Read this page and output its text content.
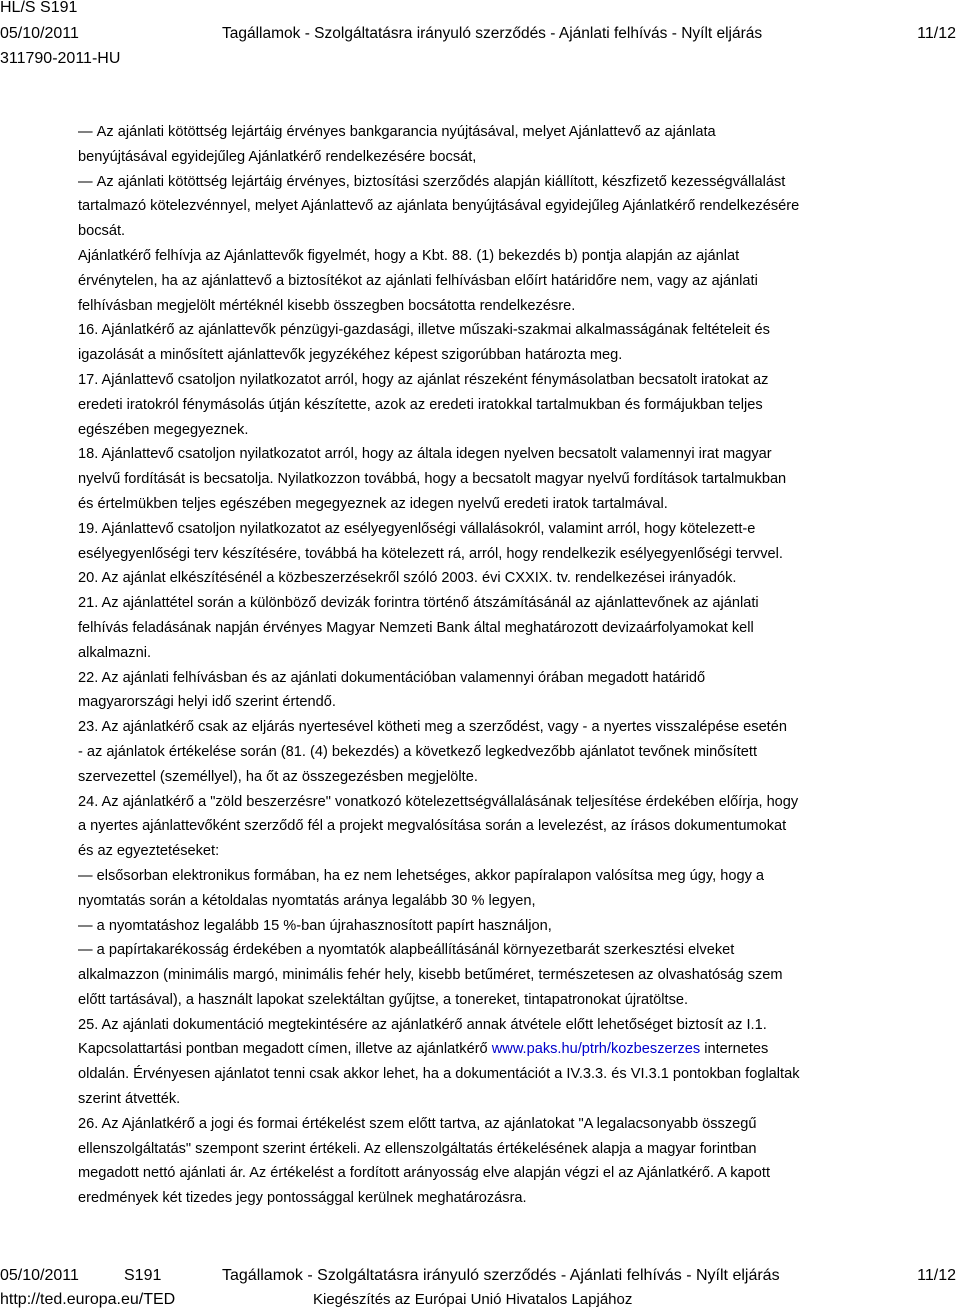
HL/S S191
05/10/2011	Tagállamok - Szolgáltatásra irányuló szerződés - Ajánlati felhívás - Nyílt eljárás	11/12
311790-2011-HU

— Az ajánlati kötöttség lejártáig érvényes bankgarancia nyújtásával, melyet Ajánlattevő az ajánlata

benyújtásával egyidejűleg Ajánlatkérő rendelkezésére bocsát,

— Az ajánlati kötöttség lejártáig érvényes, biztosítási szerződés alapján kiállított, készfizető kezességvállalást

tartalmazó kötelezvénnyel, melyet Ajánlattevő az ajánlata benyújtásával egyidejűleg Ajánlatkérő rendelkezésére

bocsát.

Ajánlatkérő felhívja az Ajánlattevők figyelmét, hogy a Kbt. 88. (1) bekezdés b) pontja alapján az ajánlat

érvénytelen, ha az ajánlattevő a biztosítékot az ajánlati felhívásban előírt határidőre nem, vagy az ajánlati

felhívásban megjelölt mértéknél kisebb összegben bocsátotta rendelkezésre.

16. Ajánlatkérő az ajánlattevők pénzügyi-gazdasági, illetve műszaki-szakmai alkalmasságának feltételeit és

igazolását a minősített ajánlattevők jegyzékéhez képest szigorúbban határozta meg.

17. Ajánlattevő csatoljon nyilatkozatot arról, hogy az ajánlat részeként fénymásolatban becsatolt iratokat az

eredeti iratokról fénymásolás útján készítette, azok az eredeti iratokkal tartalmukban és formájukban teljes

egészében megegyeznek.

18. Ajánlattevő csatoljon nyilatkozatot arról, hogy az általa idegen nyelven becsatolt valamennyi irat magyar

nyelvű fordítását is becsatolja. Nyilatkozzon továbbá, hogy a becsatolt magyar nyelvű fordítások tartalmukban

és értelmükben teljes egészében megegyeznek az idegen nyelvű eredeti iratok tartalmával.

19. Ajánlattevő csatoljon nyilatkozatot az esélyegyenlőségi vállalásokról, valamint arról, hogy kötelezett-e

esélyegyenlőségi terv készítésére, továbbá ha kötelezett rá, arról, hogy rendelkezik esélyegyenlőségi tervvel.

20. Az ajánlat elkészítésénél a közbeszerzésekről szóló 2003. évi CXXIX. tv. rendelkezései irányadók.

21. Az ajánlattétel során a különböző devizák forintra történő átszámításánál az ajánlattevőnek az ajánlati

felhívás feladásának napján érvényes Magyar Nemzeti Bank által meghatározott devizaárfolyamokat kell

alkalmazni.

22. Az ajánlati felhívásban és az ajánlati dokumentációban valamennyi órában megadott határidő

magyarországi helyi idő szerint értendő.

23. Az ajánlatkérő csak az eljárás nyertesével kötheti meg a szerződést, vagy - a nyertes visszalépése esetén

- az ajánlatok értékelése során (81. (4) bekezdés) a következő legkedvezőbb ajánlatot tevőnek minősített

szervezettel (személlyel), ha őt az összegezésben megjelölte.

24. Az ajánlatkérő a "zöld beszerzésre" vonatkozó kötelezettségvállalásának teljesítése érdekében előírja, hogy

a nyertes ajánlattevőként szerződő fél a projekt megvalósítása során a levelezést, az írásos dokumentumokat

és az egyeztetéseket:

— elsősorban elektronikus formában, ha ez nem lehetséges, akkor papíralapon valósítsa meg úgy, hogy a

nyomtatás során a kétoldalas nyomtatás aránya legalább 30 % legyen,

— a nyomtatáshoz legalább 15 %-ban újrahasznosított papírt használjon,

— a papírtakarékosság érdekében a nyomtatók alapbeállításánál környezetbarát szerkesztési elveket

alkalmazzon (minimális margó, minimális fehér hely, kisebb betűméret, természetesen az olvashatóság szem

előtt tartásával), a használt lapokat szelektáltan gyűjtse, a tonereket, tintapatronokat újratöltse.

25. Az ajánlati dokumentáció megtekintésére az ajánlatkérő annak átvétele előtt lehetőséget biztosít az I.1.

Kapcsolattartási pontban megadott címen, illetve az ajánlatkérő www.paks.hu/ptrh/kozbeszerzes internetes

oldalán. Érvényesen ajánlatot tenni csak akkor lehet, ha a dokumentációt a IV.3.3. és VI.3.1 pontokban foglaltak

szerint átvették.

26. Az Ajánlatkérő a jogi és formai értékelést szem előtt tartva, az ajánlatokat "A legalacsonyabb összegű

ellenszolgáltatás" szempont szerint értékeli. Az ellenszolgáltatás értékelésének alapja a magyar forintban

megadott nettó ajánlati ár. Az értékelést a fordított arányosság elve alapján végzi el az Ajánlatkérő. A kapott

eredmények két tizedes jegy pontossággal kerülnek meghatározásra.

05/10/2011	S191	Tagállamok - Szolgáltatásra irányuló szerződés - Ajánlati felhívás - Nyílt eljárás	11/12
http://ted.europa.eu/TED	Kiegészítés az Európai Unió Hivatalos Lapjához
